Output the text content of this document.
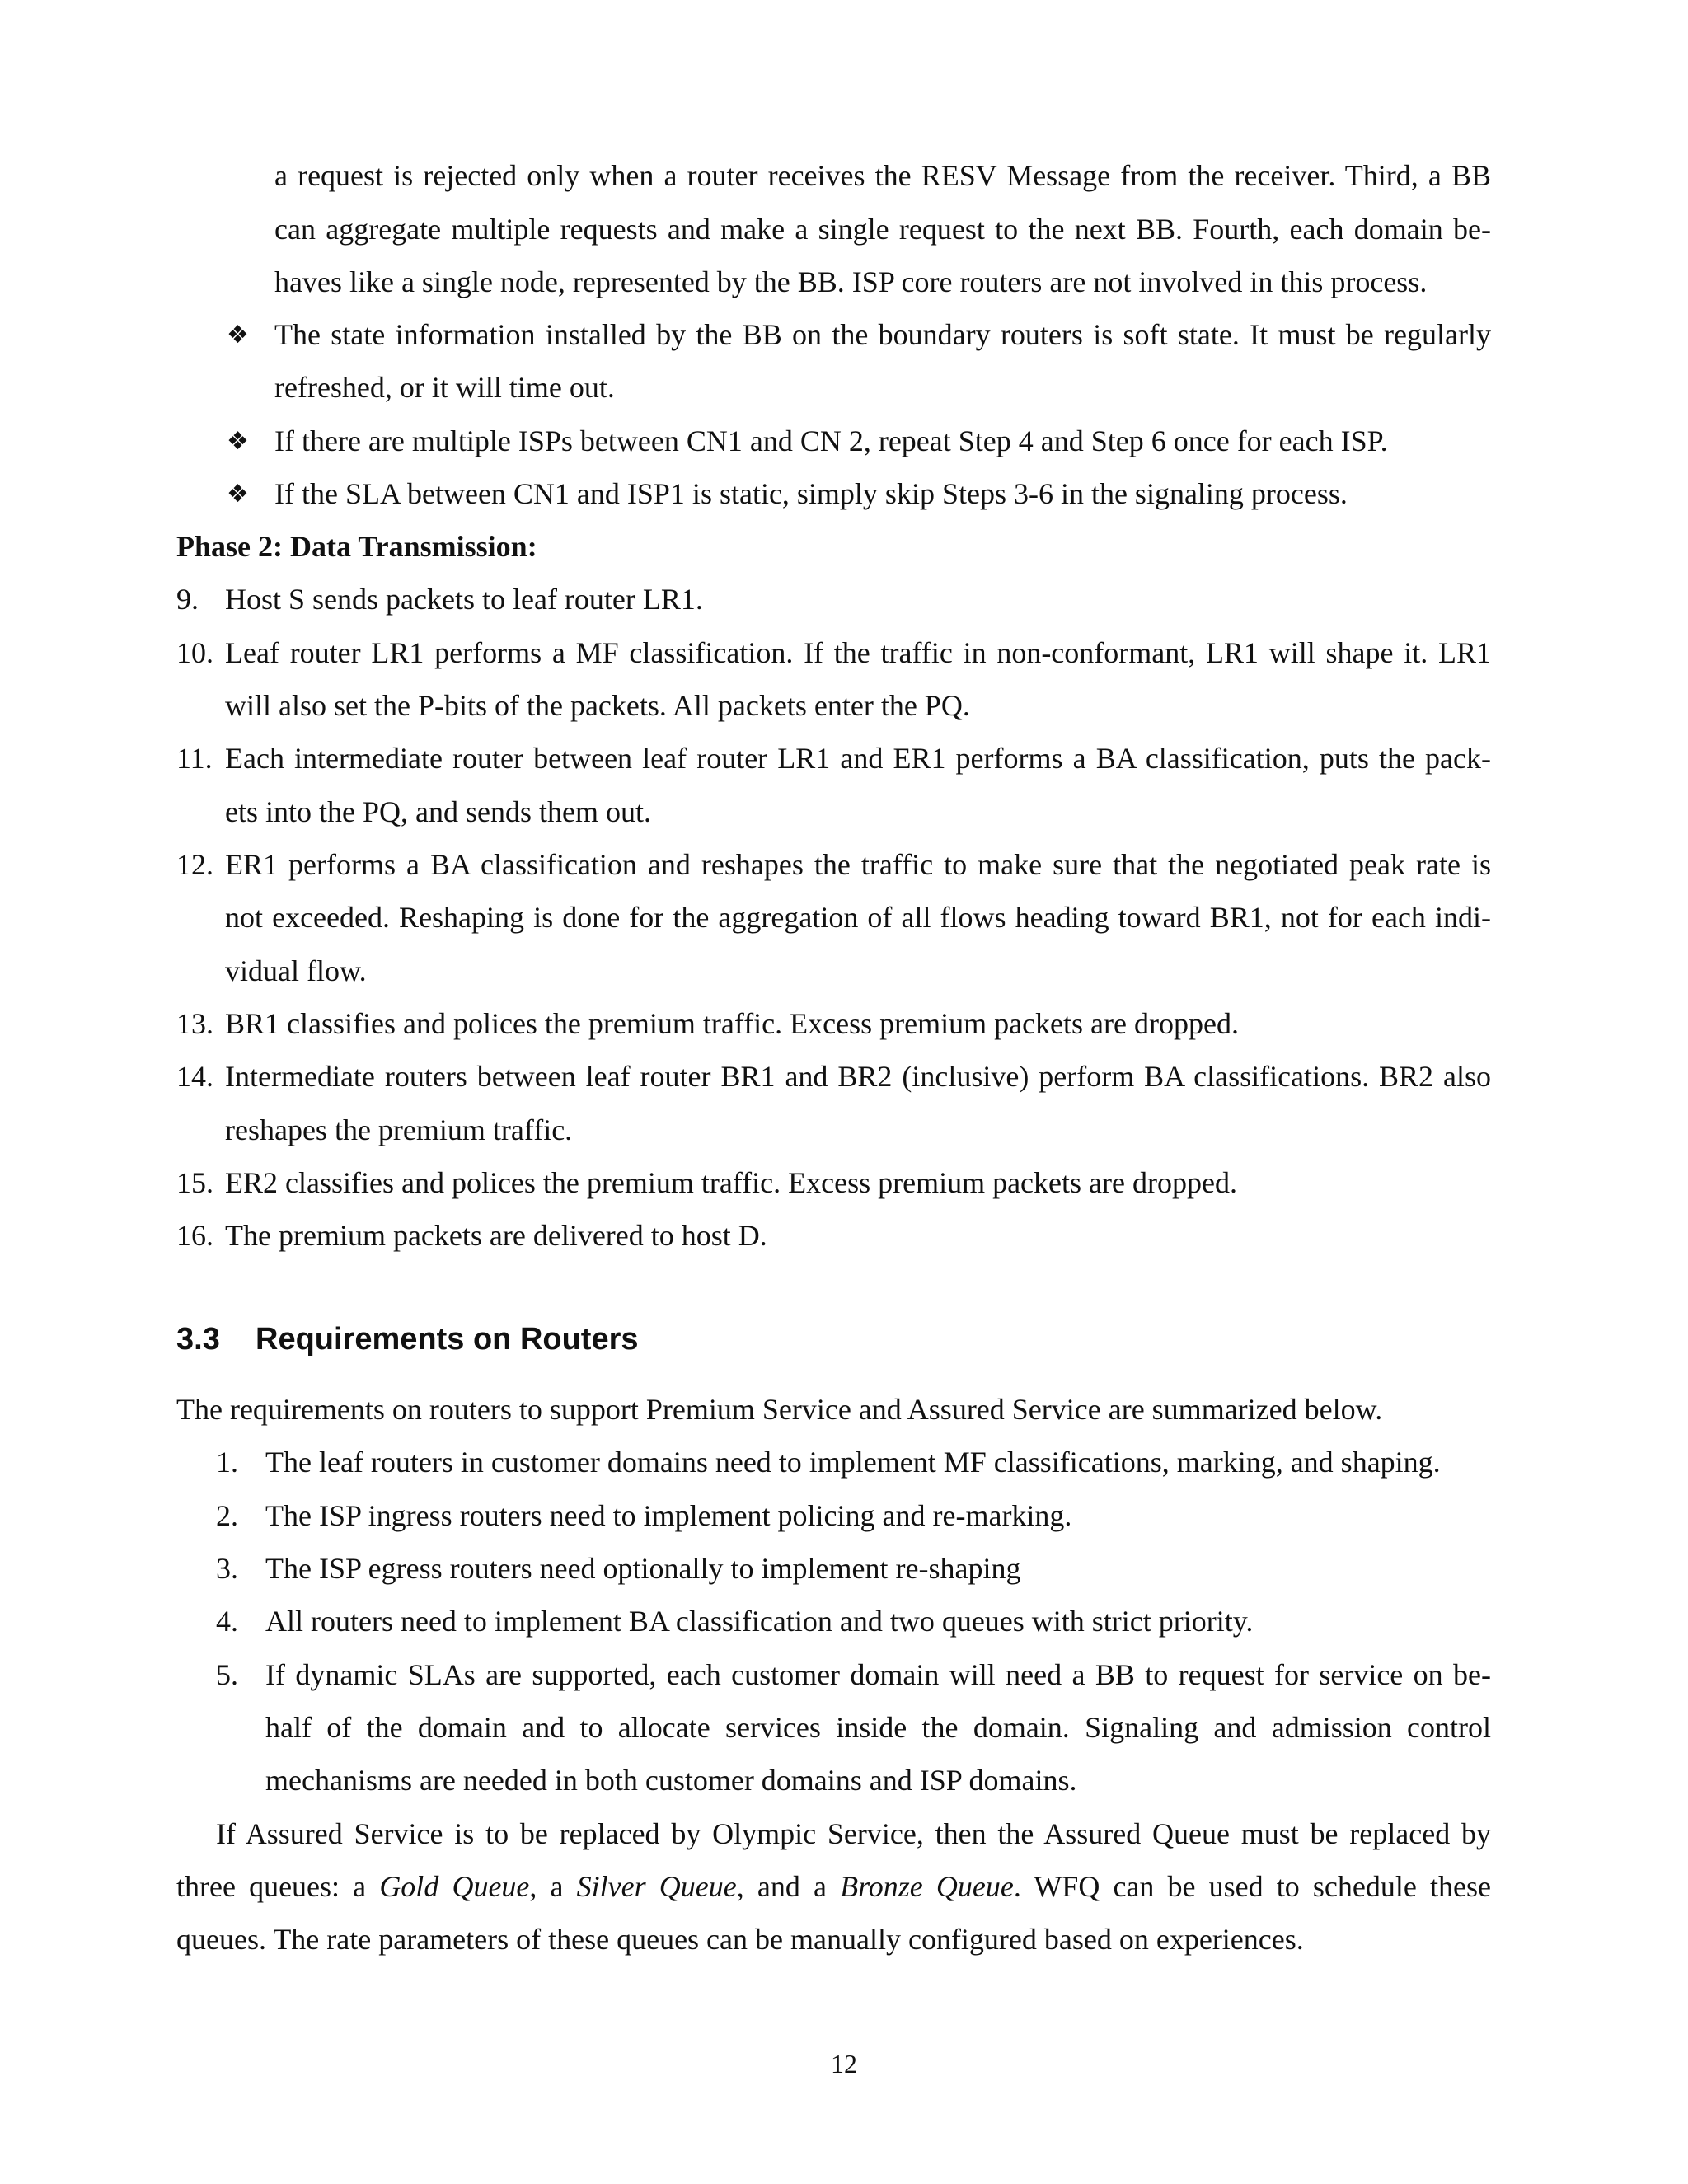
a request is rejected only when a router receives the RESV Message from the receiver. Third, a BB
can aggregate multiple requests and make a single request to the next BB. Fourth, each domain be-
haves like a single node, represented by the BB. ISP core routers are not involved in this process.
❖ The state information installed by the BB on the boundary routers is soft state. It must be regularly
refreshed, or it will time out.
❖ If there are multiple ISPs between CN1 and CN 2, repeat Step 4 and Step 6 once for each ISP.
❖ If the SLA between CN1 and ISP1 is static, simply skip Steps 3-6 in the signaling process.
Phase 2: Data Transmission:
9. Host S sends packets to leaf router LR1.
10. Leaf router LR1 performs a MF classification. If the traffic in non-conformant, LR1 will shape it. LR1
will also set the P-bits of the packets. All packets enter the PQ.
11. Each intermediate router between leaf router LR1 and ER1 performs a BA classification, puts the pack-
ets into the PQ, and sends them out.
12. ER1 performs a BA classification and reshapes the traffic to make sure that the negotiated peak rate is
not exceeded. Reshaping is done for the aggregation of all flows heading toward BR1, not for each indi-
vidual flow.
13. BR1 classifies and polices the premium traffic. Excess premium packets are dropped.
14. Intermediate routers between leaf router BR1 and BR2 (inclusive) perform BA classifications. BR2 also
reshapes the premium traffic.
15. ER2 classifies and polices the premium traffic. Excess premium packets are dropped.
16. The premium packets are delivered to host D.
3.3 Requirements on Routers
The requirements on routers to support Premium Service and Assured Service are summarized below.
1. The leaf routers in customer domains need to implement MF classifications, marking, and shaping.
2. The ISP ingress routers need to implement policing and re-marking.
3. The ISP egress routers need optionally to implement re-shaping
4. All routers need to implement BA classification and two queues with strict priority.
5. If dynamic SLAs are supported, each customer domain will need a BB to request for service on be-
half of the domain and to allocate services inside the domain. Signaling and admission control
mechanisms are needed in both customer domains and ISP domains.
If Assured Service is to be replaced by Olympic Service, then the Assured Queue must be replaced by
three queues: a Gold Queue, a Silver Queue, and a Bronze Queue. WFQ can be used to schedule these
queues. The rate parameters of these queues can be manually configured based on experiences.
12
